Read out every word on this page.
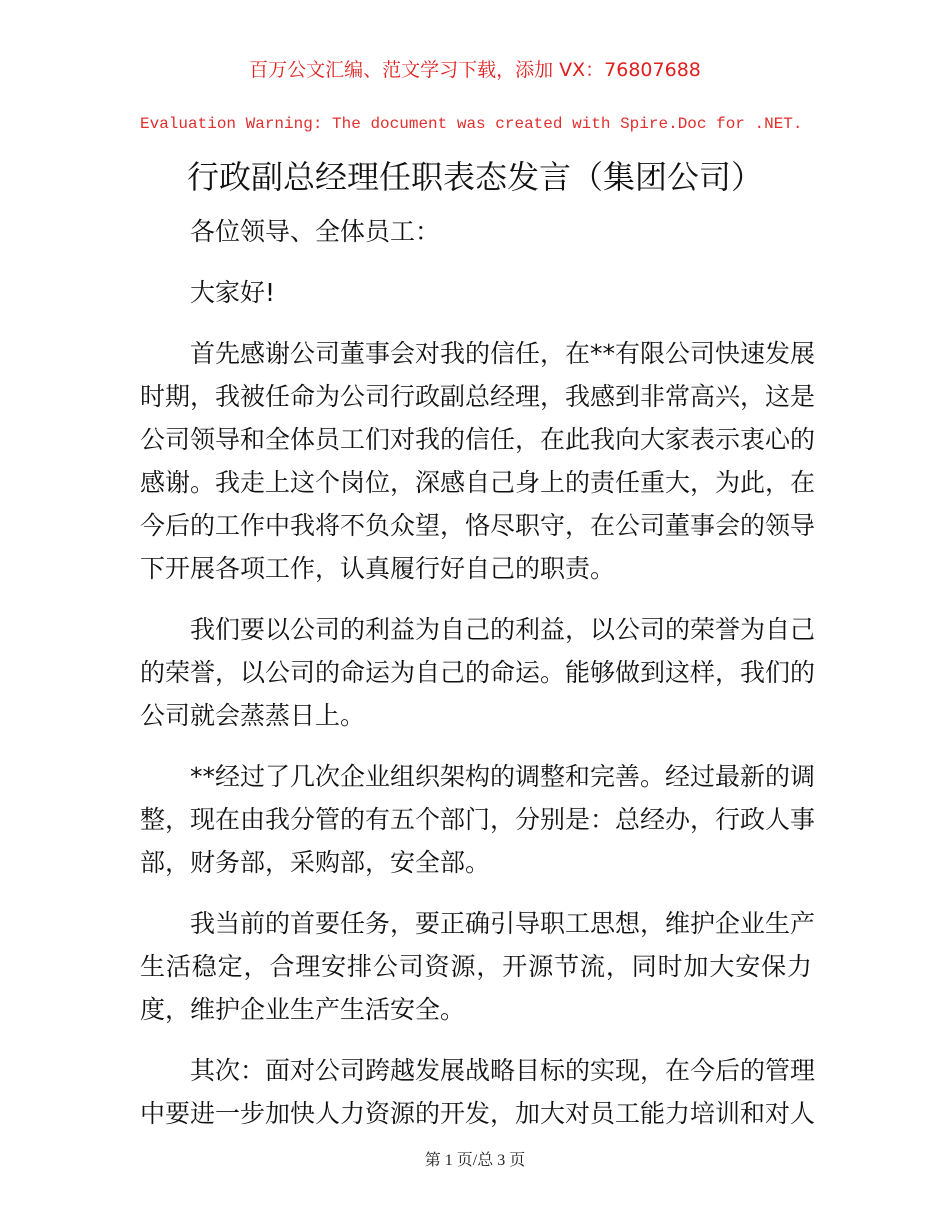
百万公文汇编、范文学习下载，添加 VX：76807688
Evaluation Warning: The document was created with Spire.Doc for .NET.
行政副总经理任职表态发言（集团公司）
各位领导、全体员工：
大家好!
首先感谢公司董事会对我的信任，在**有限公司快速发展
时期，我被任命为公司行政副总经理，我感到非常高兴，这是
公司领导和全体员工们对我的信任，在此我向大家表示衷心的
感谢。我走上这个岗位，深感自己身上的责任重大，为此，在
今后的工作中我将不负众望，恪尽职守，在公司董事会的领导
下开展各项工作，认真履行好自己的职责。
我们要以公司的利益为自己的利益，以公司的荣誉为自己
的荣誉，以公司的命运为自己的命运。能够做到这样，我们的
公司就会蒸蒸日上。
**经过了几次企业组织架构的调整和完善。经过最新的调
整，现在由我分管的有五个部门，分别是：总经办，行政人事
部，财务部，采购部，安全部。
我当前的首要任务，要正确引导职工思想，维护企业生产
生活稳定，合理安排公司资源，开源节流，同时加大安保力
度，维护企业生产生活安全。
其次：面对公司跨越发展战略目标的实现，在今后的管理
中要进一步加快人力资源的开发，加大对员工能力培训和对人
第 1 页/总 3 页
